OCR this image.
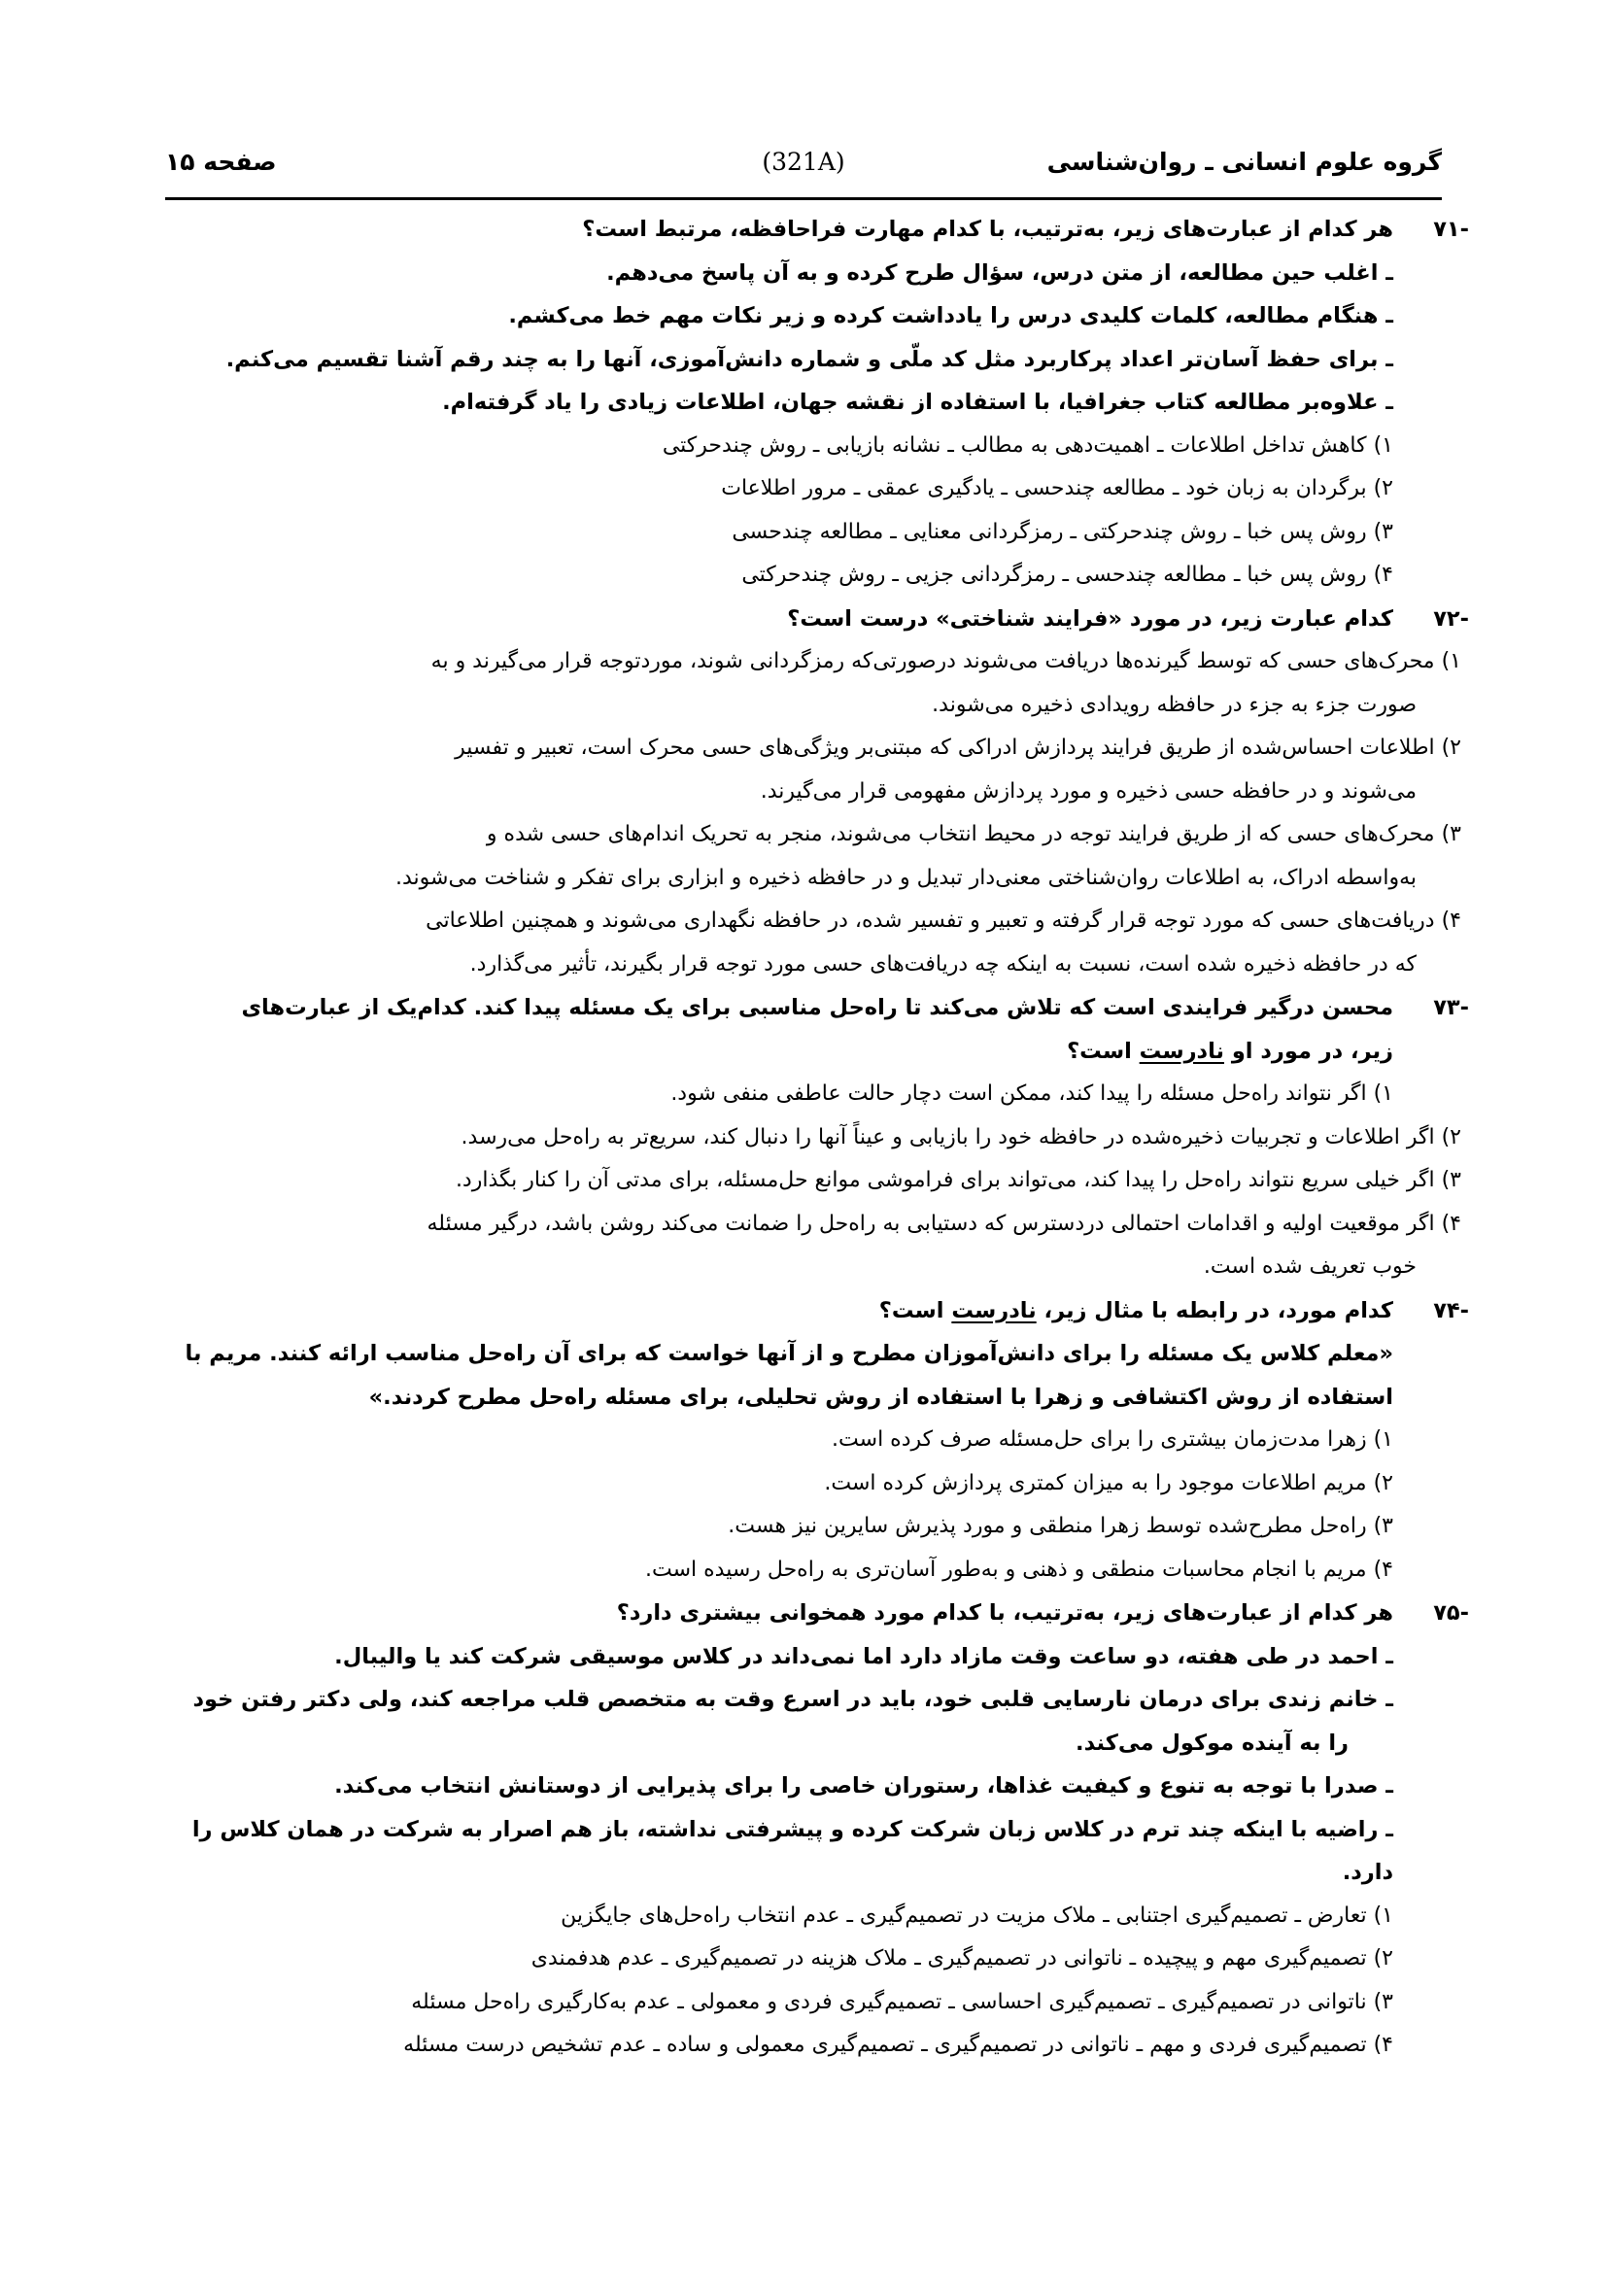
گروه علوم انسانی ـ روان‌شناسی
(321A)
صفحه ۱۵
۷۱-
هر کدام از عبارت‌های زیر، به‌ترتیب، با کدام مهارت فراحافظه، مرتبط است؟
ـ اغلب حین مطالعه، از متن درس، سؤال طرح کرده و به آن پاسخ می‌دهم.
ـ هنگام مطالعه، کلمات کلیدی درس را یادداشت کرده و زیر نکات مهم خط می‌کشم.
ـ برای حفظ آسان‌تر اعداد پرکاربرد مثل کد ملّی و شماره دانش‌آموزی، آنها را به چند رقم آشنا تقسیم می‌کنم.
ـ علاوه‌بر مطالعه کتاب جغرافیا، با استفاده از نقشه جهان، اطلاعات زیادی را یاد گرفته‌ام.
۱) کاهش تداخل اطلاعات ـ اهمیت‌دهی به مطالب ـ نشانه بازیابی ـ روش چندحرکتی
۲) برگردان به زبان خود ـ مطالعه چندحسی ـ یادگیری عمقی ـ مرور اطلاعات
۳) روش پس خبا ـ روش چندحرکتی ـ رمزگردانی معنایی ـ مطالعه چندحسی
۴) روش پس خبا ـ مطالعه چندحسی ـ رمزگردانی جزیی ـ روش چندحرکتی
۷۲-
کدام عبارت زیر، در مورد «فرایند شناختی» درست است؟
۱) محرک‌های حسی که توسط گیرنده‌ها دریافت می‌شوند درصورتی‌که رمزگردانی شوند، موردتوجه قرار می‌گیرند و به
صورت جزء به جزء در حافظه رویدادی ذخیره می‌شوند.
۲) اطلاعات احساس‌شده از طریق فرایند پردازش ادراکی که مبتنی‌بر ویژگی‌های حسی محرک است، تعبیر و تفسیر
می‌شوند و در حافظه حسی ذخیره و مورد پردازش مفهومی قرار می‌گیرند.
۳) محرک‌های حسی که از طریق فرایند توجه در محیط انتخاب می‌شوند، منجر به تحریک اندام‌های حسی شده و
به‌واسطه ادراک، به اطلاعات روان‌شناختی معنی‌دار تبدیل و در حافظه ذخیره و ابزاری برای تفکر و شناخت می‌شوند.
۴) دریافت‌های حسی که مورد توجه قرار گرفته و تعبیر و تفسیر شده، در حافظه نگهداری می‌شوند و همچنین اطلاعاتی
که در حافظه ذخیره شده است، نسبت به اینکه چه دریافت‌های حسی مورد توجه قرار بگیرند، تأثیر می‌گذارد.
۷۳-
محسن درگیر فرایندی است که تلاش می‌کند تا راه‌حل مناسبی برای یک مسئله پیدا کند. کدام‌یک از عبارت‌های
زیر، در مورد او نادرست است؟
۱) اگر نتواند راه‌حل مسئله را پیدا کند، ممکن است دچار حالت عاطفی منفی شود.
۲) اگر اطلاعات و تجربیات ذخیره‌شده در حافظه خود را بازیابی و عیناً آنها را دنبال کند، سریع‌تر به راه‌حل می‌رسد.
۳) اگر خیلی سریع نتواند راه‌حل را پیدا کند، می‌تواند برای فراموشی موانع حل‌مسئله، برای مدتی آن را کنار بگذارد.
۴) اگر موقعیت اولیه و اقدامات احتمالی دردسترس که دستیابی به راه‌حل را ضمانت می‌کند روشن باشد، درگیر مسئله
خوب تعریف شده است.
۷۴-
کدام مورد، در رابطه با مثال زیر، نادرست است؟
«معلم کلاس یک مسئله را برای دانش‌آموزان مطرح و از آنها خواست که برای آن راه‌حل مناسب ارائه کنند. مریم با
استفاده از روش اکتشافی و زهرا با استفاده از روش تحلیلی، برای مسئله راه‌حل مطرح کردند.»
۱) زهرا مدت‌زمان بیشتری را برای حل‌مسئله صرف کرده است.
۲) مریم اطلاعات موجود را به میزان کمتری پردازش کرده است.
۳) راه‌حل مطرح‌شده توسط زهرا منطقی و مورد پذیرش سایرین نیز هست.
۴) مریم با انجام محاسبات منطقی و ذهنی و به‌طور آسان‌تری به راه‌حل رسیده است.
۷۵-
هر کدام از عبارت‌های زیر، به‌ترتیب، با کدام مورد همخوانی بیشتری دارد؟
ـ احمد در طی هفته، دو ساعت وقت مازاد دارد اما نمی‌داند در کلاس موسیقی شرکت کند یا والیبال.
ـ خانم زندی برای درمان نارسایی قلبی خود، باید در اسرع وقت به متخصص قلب مراجعه کند، ولی دکتر رفتن خود
را به آینده موکول می‌کند.
ـ صدرا با توجه به تنوع و کیفیت غذاها، رستوران خاصی را برای پذیرایی از دوستانش انتخاب می‌کند.
ـ راضیه با اینکه چند ترم در کلاس زبان شرکت کرده و پیشرفتی نداشته، باز هم اصرار به شرکت در همان کلاس را دارد.
۱) تعارض ـ تصمیم‌گیری اجتنابی ـ ملاک مزیت در تصمیم‌گیری ـ عدم انتخاب راه‌حل‌های جایگزین
۲) تصمیم‌گیری مهم و پیچیده ـ ناتوانی در تصمیم‌گیری ـ ملاک هزینه در تصمیم‌گیری ـ عدم هدفمندی
۳) ناتوانی در تصمیم‌گیری ـ تصمیم‌گیری احساسی ـ تصمیم‌گیری فردی و معمولی ـ عدم به‌کارگیری راه‌حل مسئله
۴) تصمیم‌گیری فردی و مهم ـ ناتوانی در تصمیم‌گیری ـ تصمیم‌گیری معمولی و ساده ـ عدم تشخیص درست مسئله
